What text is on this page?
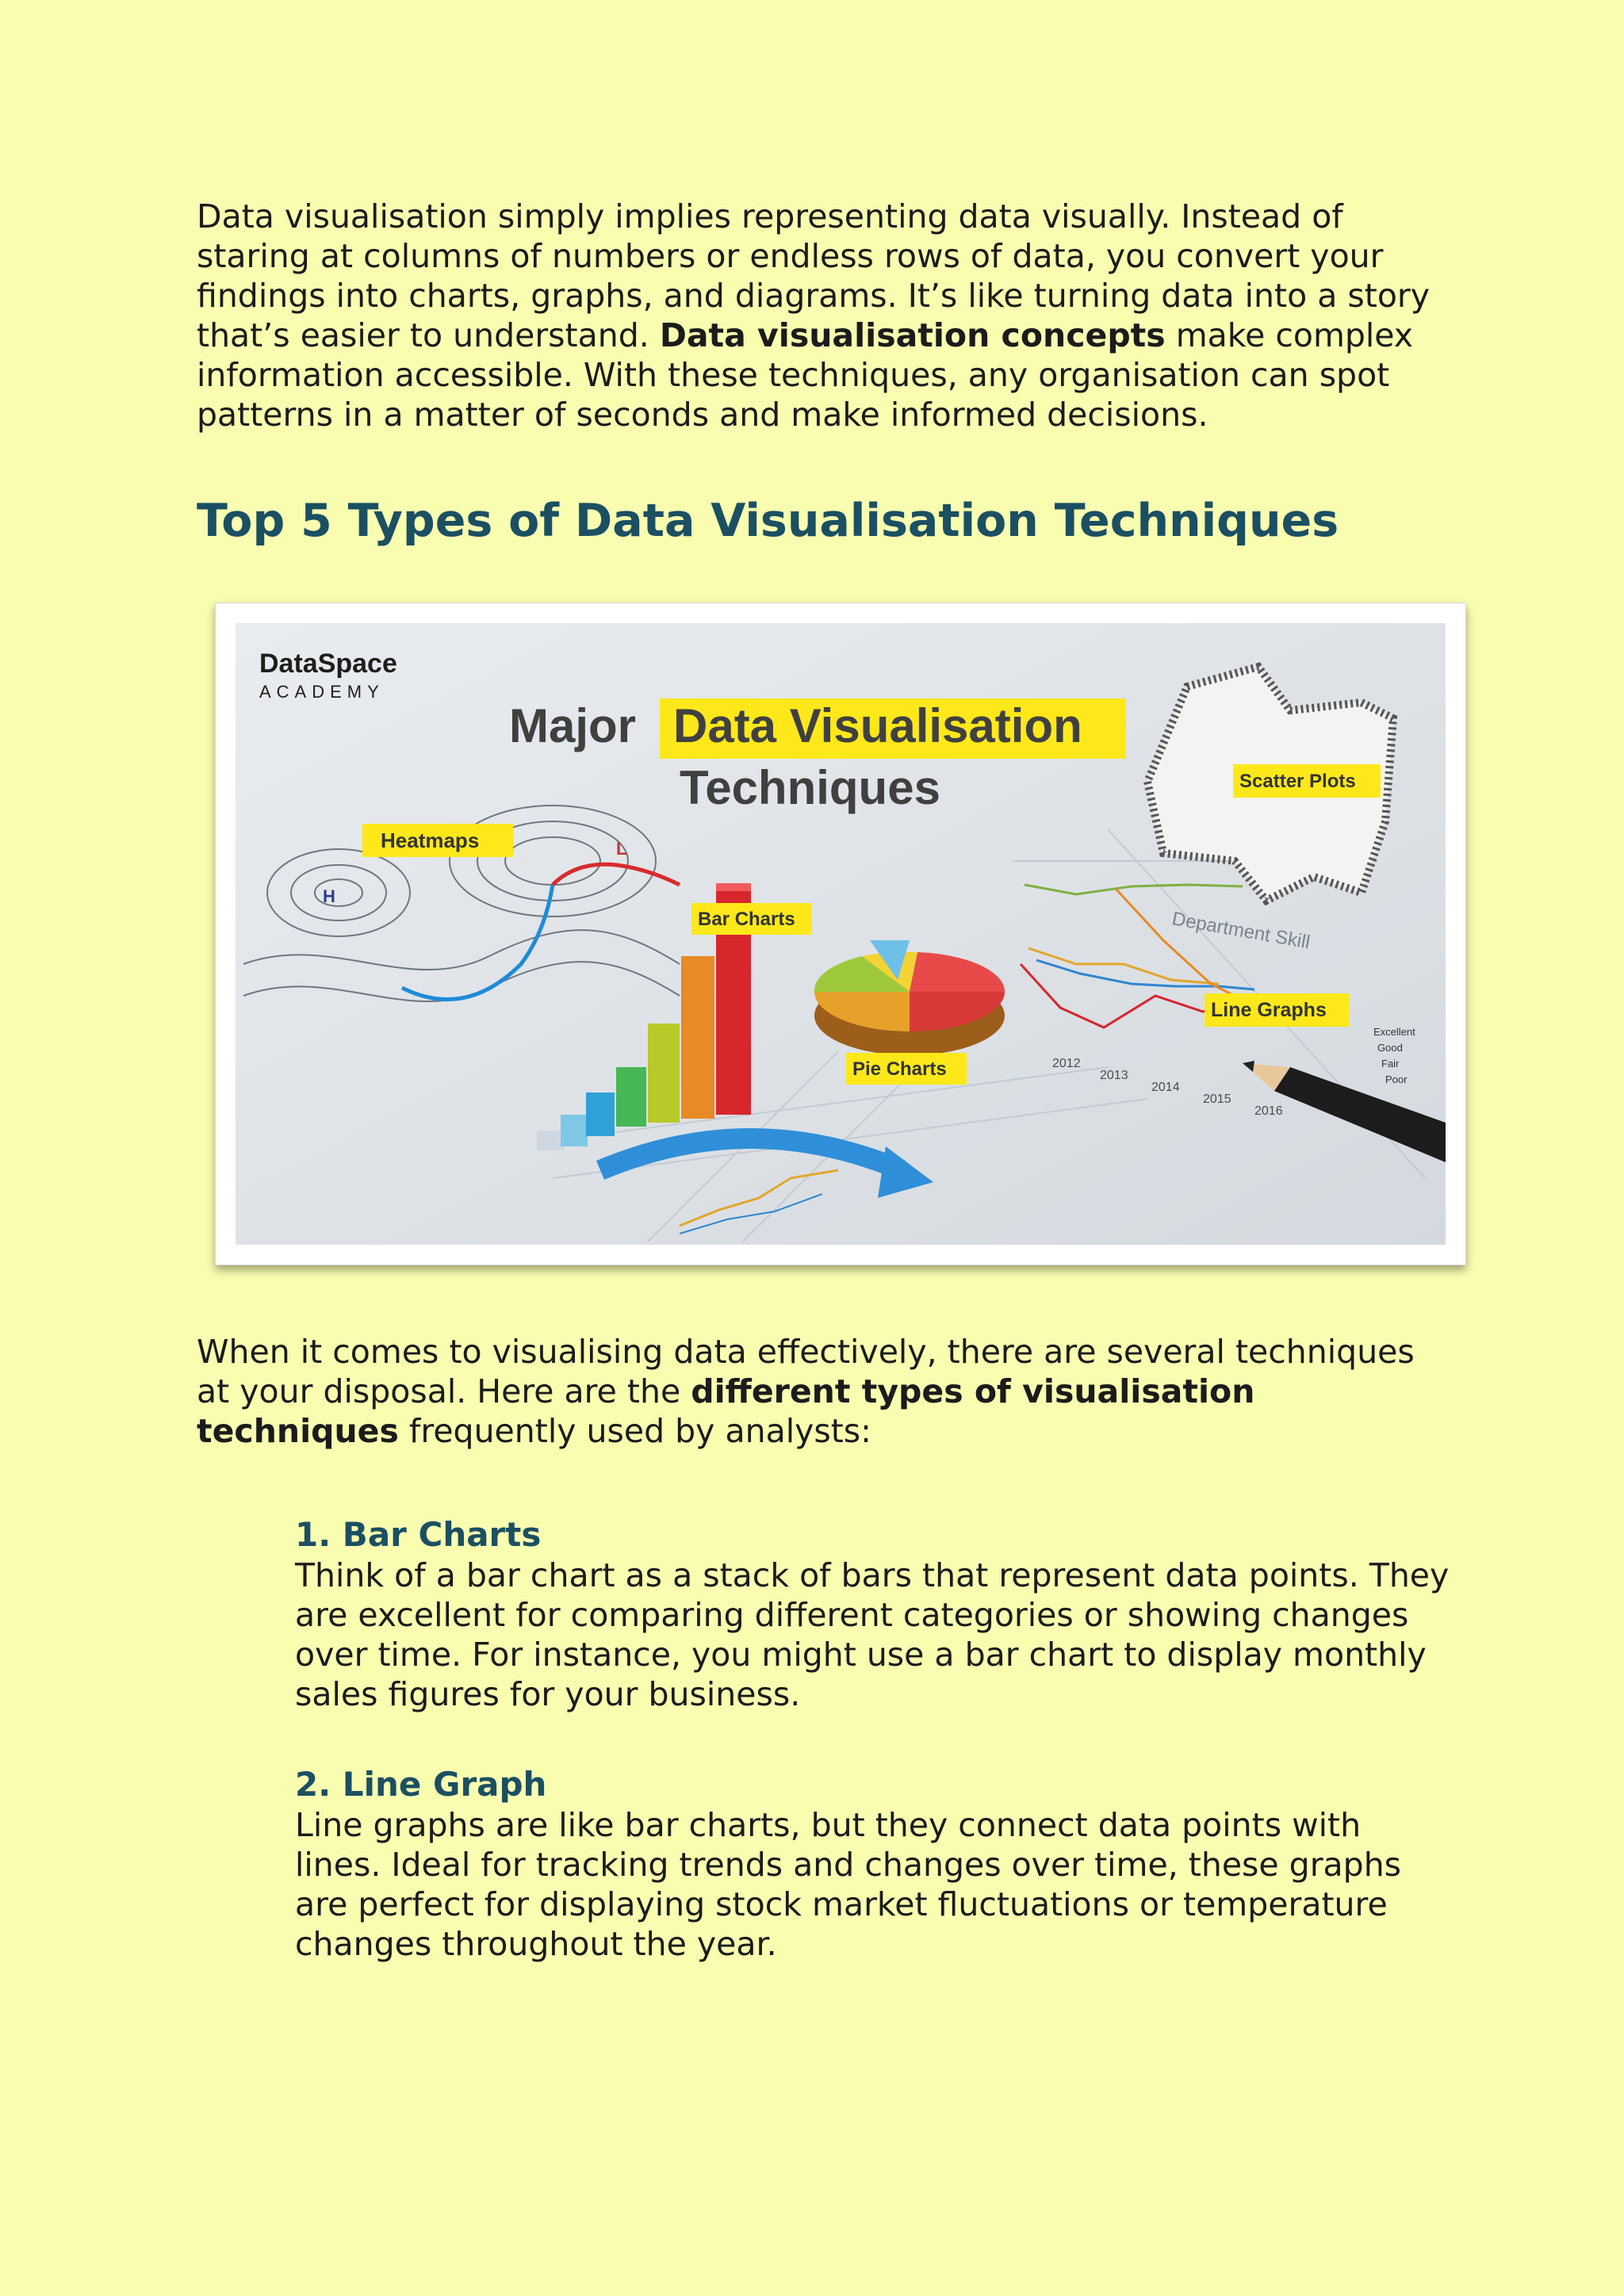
Data visualisation simply implies representing data visually. Instead of staring at columns of numbers or endless rows of data, you convert your findings into charts, graphs, and diagrams. It’s like turning data into a story that’s easier to understand. Data visualisation concepts make complex information accessible. With these techniques, any organisation can spot patterns in a matter of seconds and make informed decisions.

Top 5 Types of Data Visualisation Techniques
DataSpace
ACADEMY
Major Data Visualisation
Techniques
H
L
2012
2013
2014
2015
2016
Excellent
Good
Fair
Poor
Department Skill
Heatmaps
Bar Charts
Pie Charts
Scatter Plots
Line Graphs

When it comes to visualising data effectively, there are several techniques at your disposal. Here are the different types of visualisation techniques frequently used by analysts:

1. Bar Charts

Think of a bar chart as a stack of bars that represent data points. They are excellent for comparing different categories or showing changes over time. For instance, you might use a bar chart to display monthly sales figures for your business.

2. Line Graph

Line graphs are like bar charts, but they connect data points with lines. Ideal for tracking trends and changes over time, these graphs are perfect for displaying stock market fluctuations or temperature changes throughout the year.
